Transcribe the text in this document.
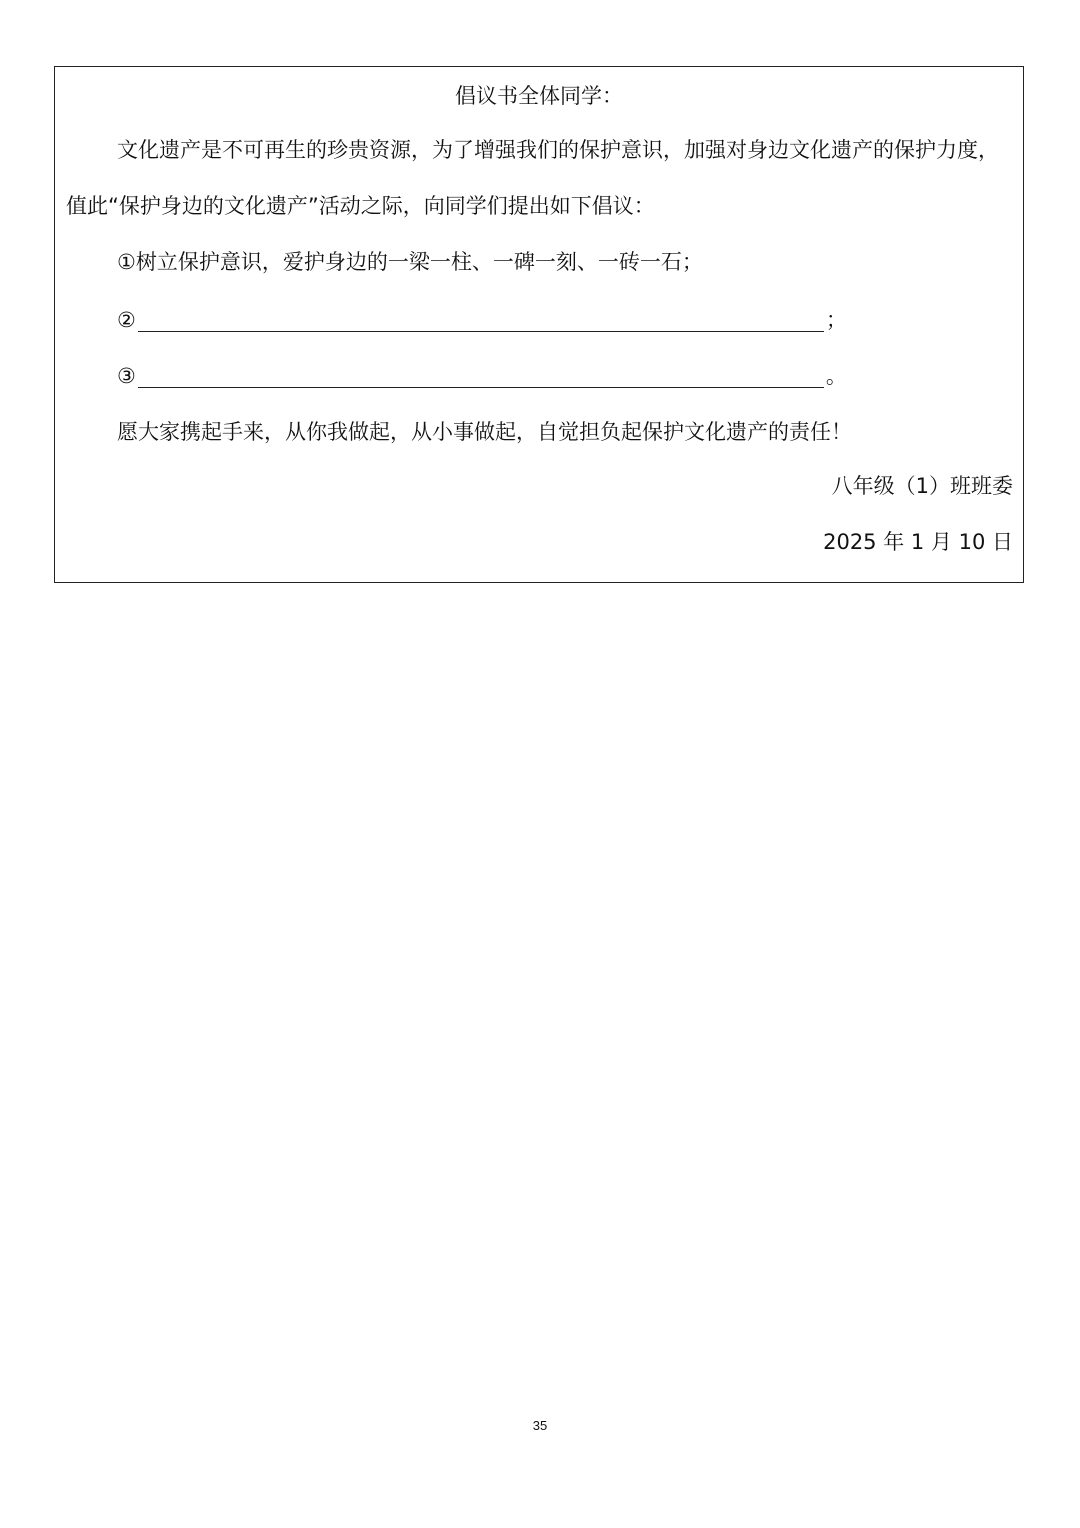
倡议书全体同学：
文化遗产是不可再生的珍贵资源，为了增强我们的保护意识，加强对身边文化遗产的保护力度，
值此“保护身边的文化遗产”活动之际，向同学们提出如下倡议：
①树立保护意识，爱护身边的一梁一柱、一碑一刻、一砖一石；
②	；
③	。
愿大家携起手来，从你我做起，从小事做起，自觉担负起保护文化遗产的责任！
八年级（1）班班委
2025 年 1 月 10 日
35
